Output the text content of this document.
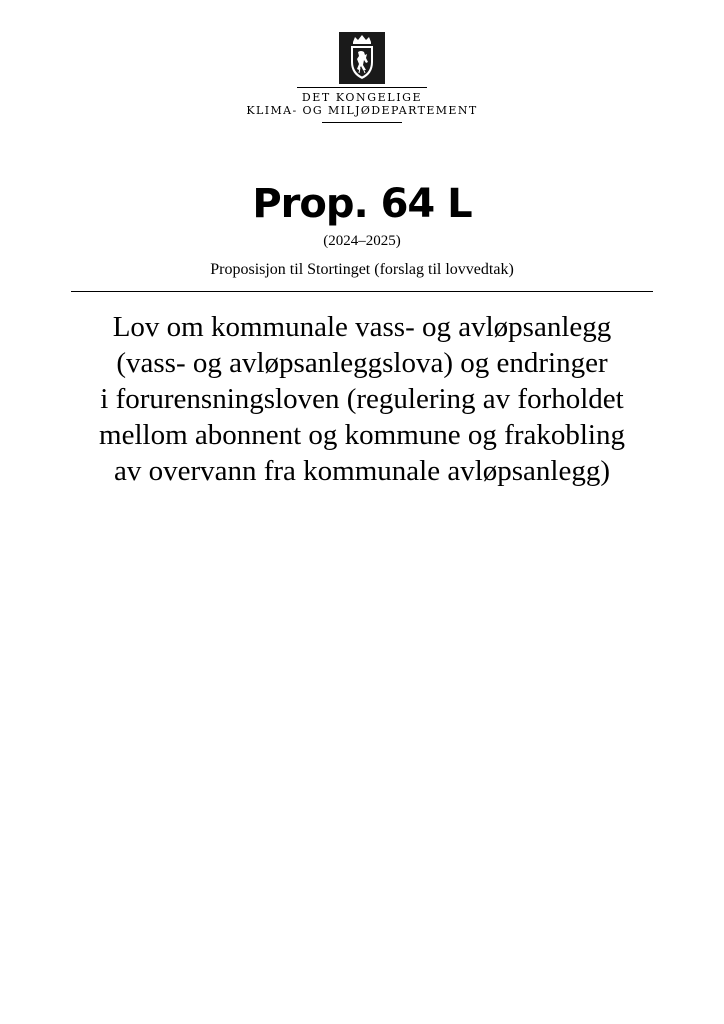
DET KONGELIGE
KLIMA- OG MILJØDEPARTEMENT
Prop. 64 L
(2024–2025)
Proposisjon til Stortinget (forslag til lovvedtak)
Lov om kommunale vass- og avløpsanlegg
(vass- og avløpsanleggslova) og endringer
i forurensningsloven (regulering av forholdet
mellom abonnent og kommune og frakobling
av overvann fra kommunale avløpsanlegg)
